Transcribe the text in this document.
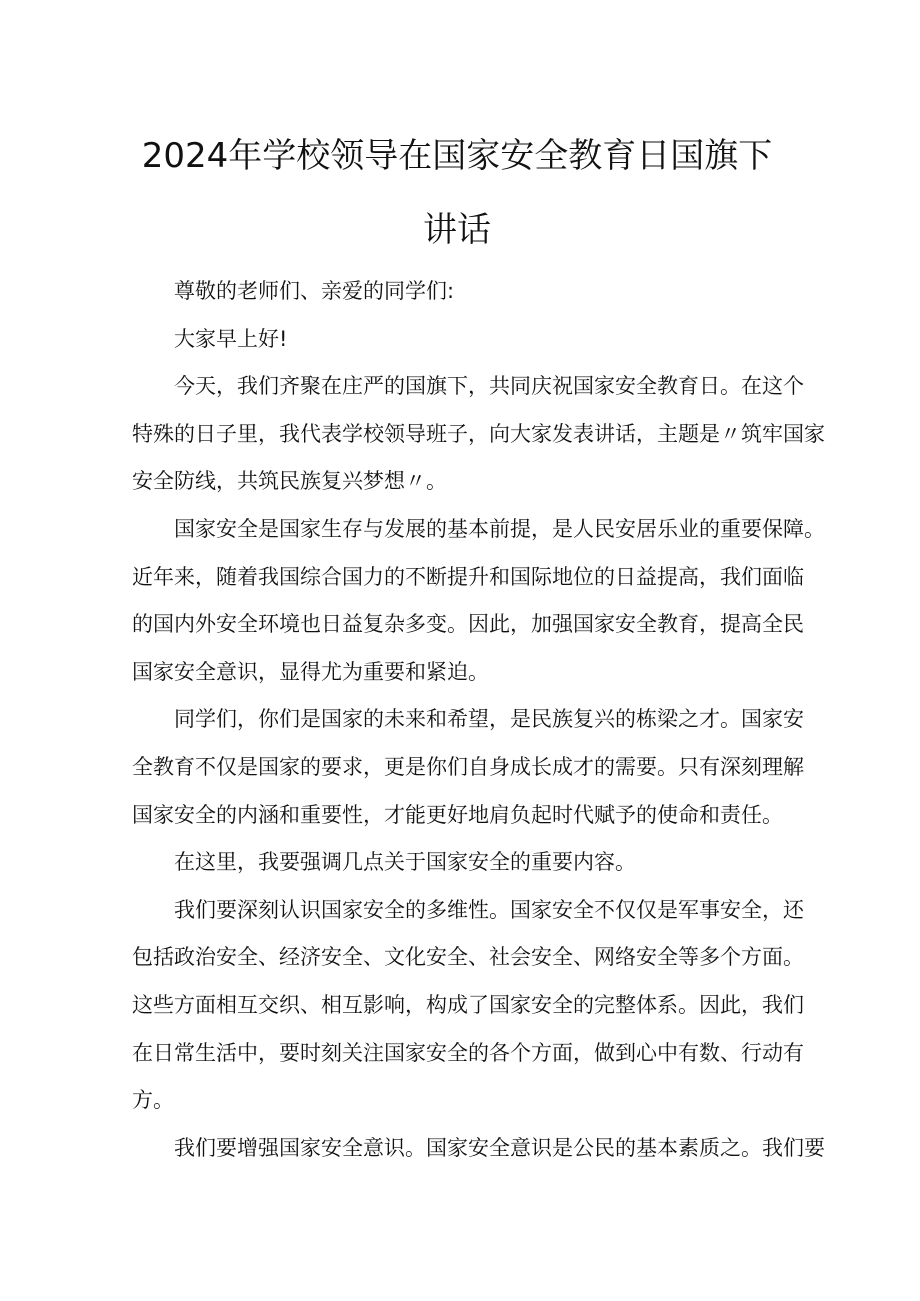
2024年学校领导在国家安全教育日国旗下
讲话
尊敬的老师们、亲爱的同学们:
大家早上好!
今天，我们齐聚在庄严的国旗下，共同庆祝国家安全教育日。在这个
特殊的日子里，我代表学校领导班子，向大家发表讲话，主题是〃筑牢国家
安全防线，共筑民族复兴梦想〃。
国家安全是国家生存与发展的基本前提，是人民安居乐业的重要保障。
近年来，随着我国综合国力的不断提升和国际地位的日益提高，我们面临
的国内外安全环境也日益复杂多变。因此，加强国家安全教育，提高全民
国家安全意识，显得尤为重要和紧迫。
同学们，你们是国家的未来和希望，是民族复兴的栋梁之才。国家安
全教育不仅是国家的要求，更是你们自身成长成才的需要。只有深刻理解
国家安全的内涵和重要性，才能更好地肩负起时代赋予的使命和责任。
在这里，我要强调几点关于国家安全的重要内容。
我们要深刻认识国家安全的多维性。国家安全不仅仅是军事安全，还
包括政治安全、经济安全、文化安全、社会安全、网络安全等多个方面。
这些方面相互交织、相互影响，构成了国家安全的完整体系。因此，我们
在日常生活中，要时刻关注国家安全的各个方面，做到心中有数、行动有
方。
我们要增强国家安全意识。国家安全意识是公民的基本素质之。我们要
